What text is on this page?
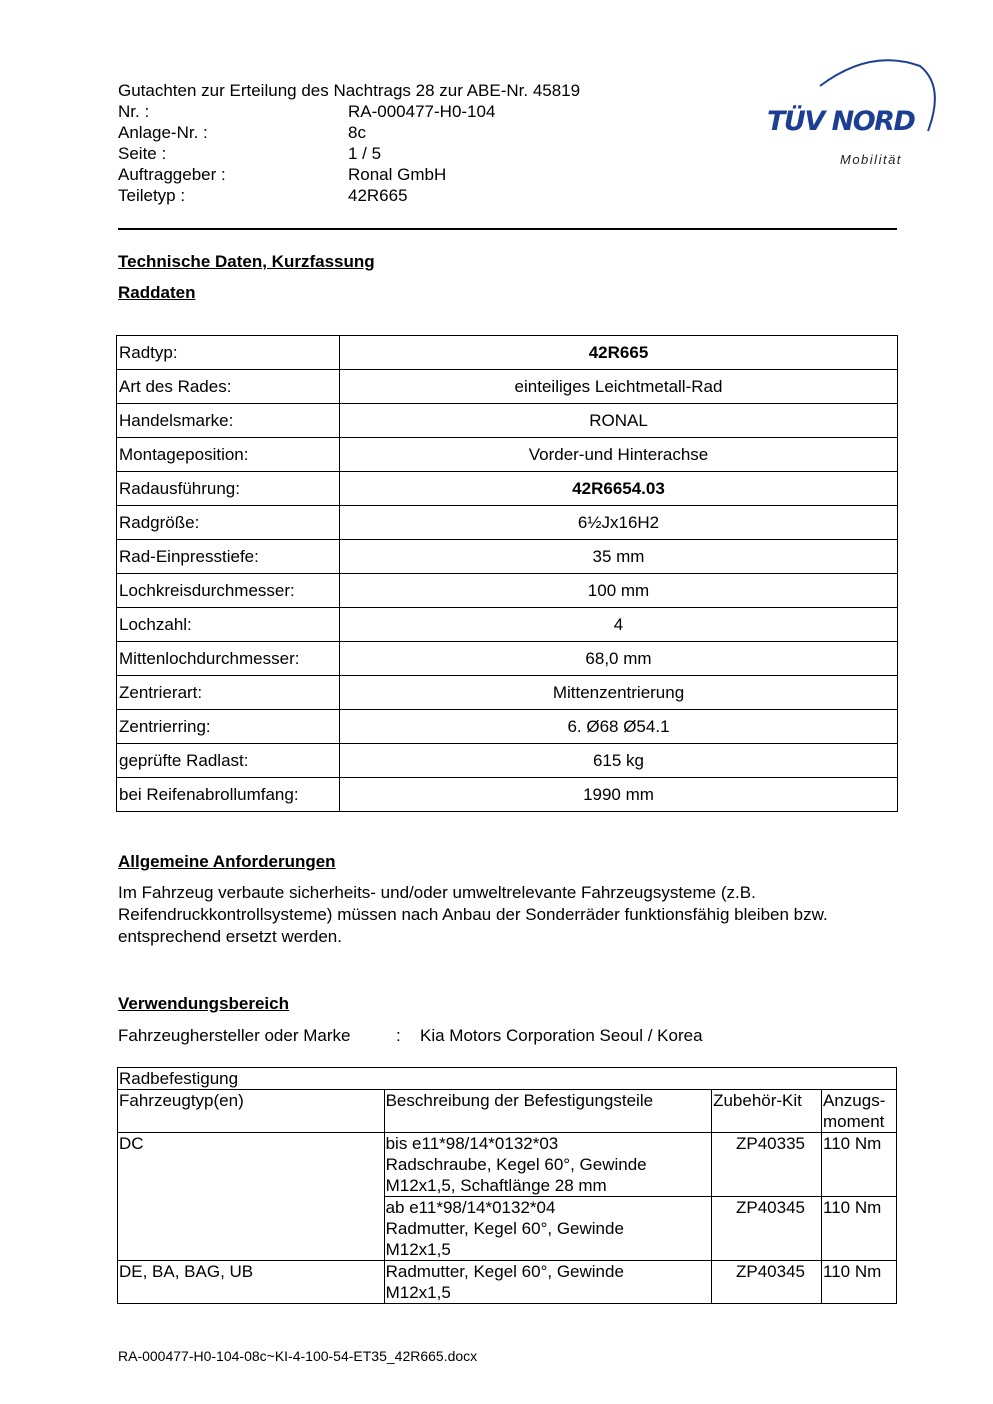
Gutachten zur Erteilung des Nachtrags 28 zur ABE-Nr. 45819
Nr. :	RA-000477-H0-104
Anlage-Nr. :	8c
Seite :	1 / 5
Auftraggeber :	Ronal GmbH
Teiletyp :	42R665
TÜV NORD
Mobilität
Technische Daten, Kurzfassung
Raddaten
Radtyp:	42R665
Art des Rades:	einteiliges Leichtmetall-Rad
Handelsmarke:	RONAL
Montageposition:	Vorder-und Hinterachse
Radausführung:	42R6654.03
Radgröße:	6½Jx16H2
Rad-Einpresstiefe:	35 mm
Lochkreisdurchmesser:	100 mm
Lochzahl:	4
Mittenlochdurchmesser:	68,0 mm
Zentrierart:	Mittenzentrierung
Zentrierring:	6. Ø68 Ø54.1
geprüfte Radlast:	615 kg
bei Reifenabrollumfang:	1990 mm
Allgemeine Anforderungen
Im Fahrzeug verbaute sicherheits- und/oder umweltrelevante Fahrzeugsysteme (z.B.
Reifendruckkontrollsysteme) müssen nach Anbau der Sonderräder funktionsfähig bleiben bzw.
entsprechend ersetzt werden.
Verwendungsbereich
Fahrzeughersteller oder Marke	: Kia Motors Corporation Seoul / Korea
Radbefestigung			
Fahrzeugtyp(en)	Beschreibung der Befestigungsteile	Zubehör-Kit	Anzugs-
moment

DC	bis e11*98/14*0132*03
Radschraube, Kegel 60°, Gewinde
M12x1,5, Schaftlänge 28 mm	ZP40335	110 Nm

	ab e11*98/14*0132*04
Radmutter, Kegel 60°, Gewinde
M12x1,5	ZP40345	110 Nm
DE, BA, BAG, UB	Radmutter, Kegel 60°, Gewinde
M12x1,5	ZP40345	110 Nm
RA-000477-H0-104-08c~KI-4-100-54-ET35_42R665.docx
